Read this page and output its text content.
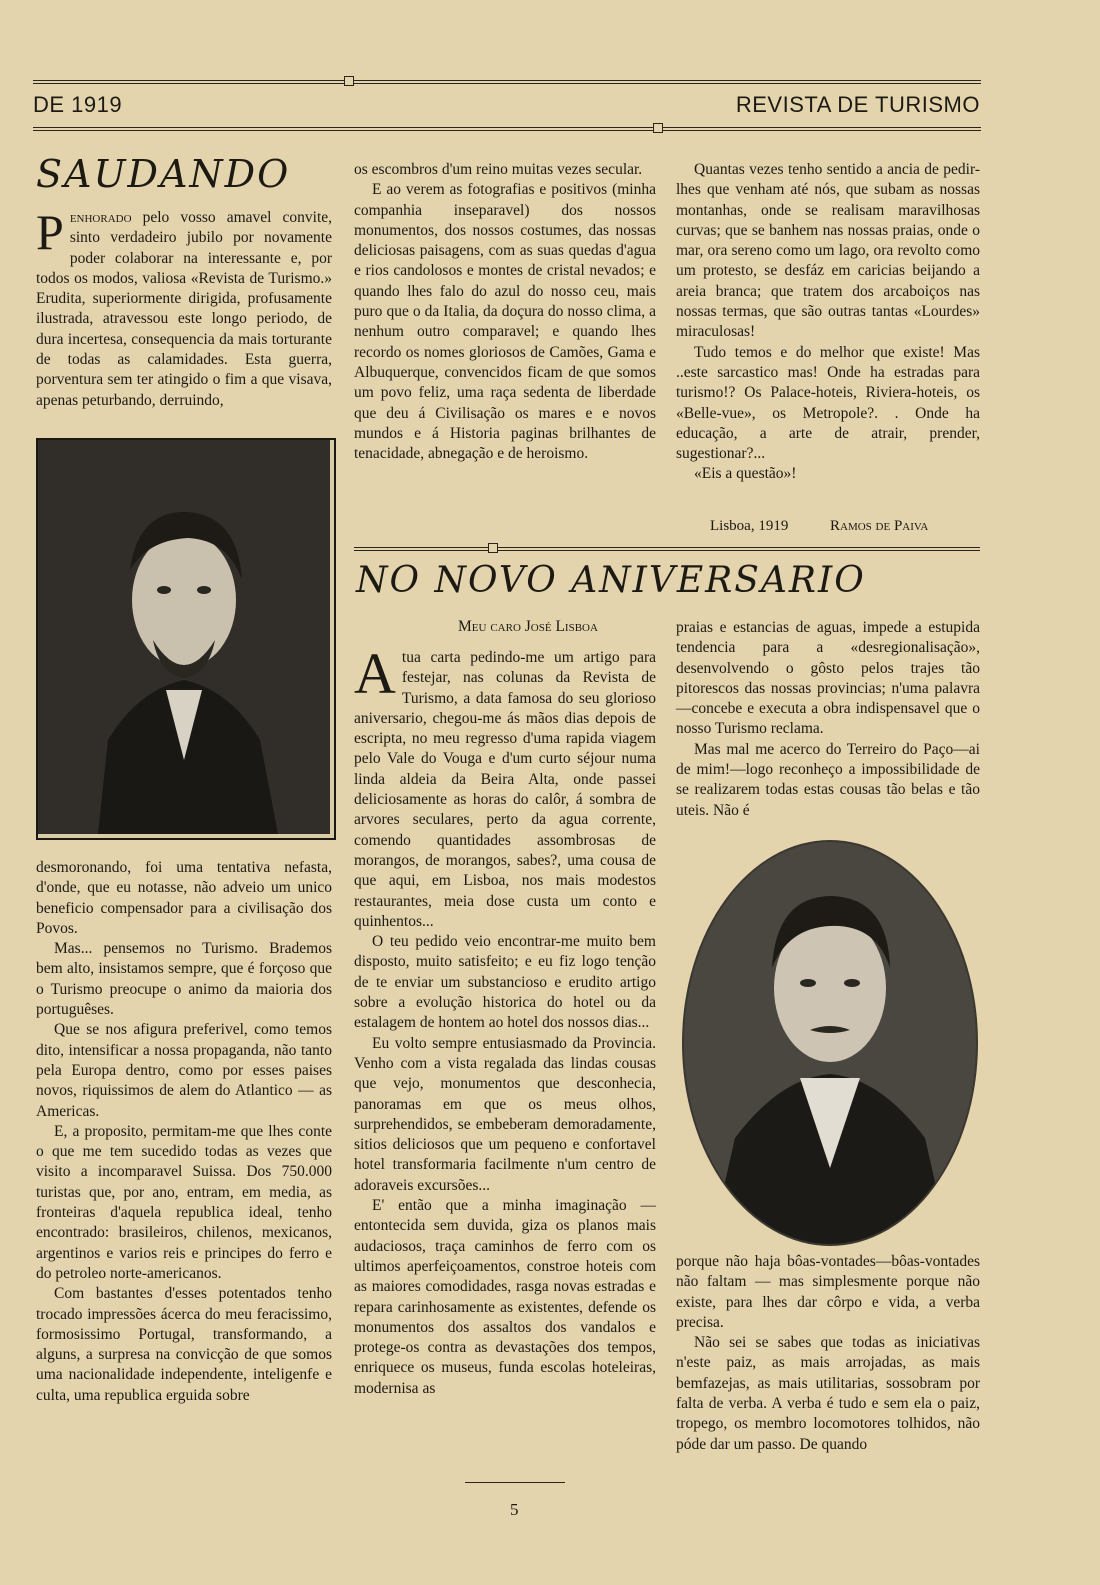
DE 1919	REVISTA DE TURISMO
SAUDANDO

Penhorado pelo vosso amavel convite, sinto verdadeiro jubilo por novamente poder colaborar na interessante e, por todos os modos, valiosa «Revista de Turismo.» Erudita, superiormente dirigida, profusamente ilustrada, atravessou este longo periodo, de dura incertesa, consequencia da mais torturante de todas as calamidades. Esta guerra, porventura sem ter atingido o fim a que visava, apenas peturbando, derruindo,

desmoronando, foi uma tentativa nefasta, d'onde, que eu notasse, não adveio um unico beneficio compensador para a civilisação dos Povos.

Mas... pensemos no Turismo. Brademos bem alto, insistamos sempre, que é forçoso que o Turismo preocupe o animo da maioria dos portuguêses.

Que se nos afigura preferivel, como temos dito, intensificar a nossa propaganda, não tanto pela Europa dentro, como por esses paises novos, riquissimos de alem do Atlantico — as Americas.

E, a proposito, permitam-me que lhes conte o que me tem sucedido todas as vezes que visito a incomparavel Suissa. Dos 750.000 turistas que, por ano, entram, em media, as fronteiras d'aquela republica ideal, tenho encontrado: brasileiros, chilenos, mexicanos, argentinos e varios reis e principes do ferro e do petroleo norte-americanos.

Com bastantes d'esses potentados tenho trocado impressões ácerca do meu feracissimo, formosissimo Portugal, transformando, a alguns, a surpresa na convicção de que somos uma nacionalidade independente, inteligenfe e culta, uma republica erguida sobre

os escombros d'um reino muitas vezes secular.

E ao verem as fotografias e positivos (minha companhia inseparavel) dos nossos monumentos, dos nossos costumes, das nossas deliciosas paisagens, com as suas quedas d'agua e rios candolosos e montes de cristal nevados; e quando lhes falo do azul do nosso ceu, mais puro que o da Italia, da doçura do nosso clima, a nenhum outro comparavel; e quando lhes recordo os nomes gloriosos de Camões, Gama e Albuquerque, convencidos ficam de que somos um povo feliz, uma raça sedenta de liberdade que deu á Civilisação os mares e e novos mundos e á Historia paginas brilhantes de tenacidade, abnegação e de heroismo.

Quantas vezes tenho sentido a ancia de pedir-lhes que venham até nós, que subam as nossas montanhas, onde se realisam maravilhosas curvas; que se banhem nas nossas praias, onde o mar, ora sereno como um lago, ora revolto como um protesto, se desfáz em caricias beijando a areia branca; que tratem dos arcaboiços nas nossas termas, que são outras tantas «Lourdes» miraculosas!

Tudo temos e do melhor que existe! Mas ..este sarcastico mas! Onde ha estradas para turismo!? Os Palace-hoteis, Riviera-hoteis, os «Belle-vue», os Metropole?. . Onde ha educação, a arte de atrair, prender, sugestionar?...

«Eis a questão»!

Lisboa, 1919	Ramos de Paiva
NO NOVO ANIVERSARIO
Meu caro José Lisboa

Atua carta pedindo-me um artigo para festejar, nas colunas da Revista de Turismo, a data famosa do seu glorioso aniversario, chegou-me ás mãos dias depois de escripta, no meu regresso d'uma rapida viagem pelo Vale do Vouga e d'um curto séjour numa linda aldeia da Beira Alta, onde passei deliciosamente as horas do calôr, á sombra de arvores seculares, perto da agua corrente, comendo quantidades assombrosas de morangos, de morangos, sabes?, uma cousa de que aqui, em Lisboa, nos mais modestos restaurantes, meia dose custa um conto e quinhentos...

O teu pedido veio encontrar-me muito bem disposto, muito satisfeito; e eu fiz logo tenção de te enviar um substancioso e erudito artigo sobre a evolução historica do hotel ou da estalagem de hontem ao hotel dos nossos dias...

Eu volto sempre entusiasmado da Provincia. Venho com a vista regalada das lindas cousas que vejo, monumentos que desconhecia, panoramas em que os meus olhos, surprehendidos, se embeberam demoradamente, sitios deliciosos que um pequeno e confortavel hotel transformaria facilmente n'um centro de adoraveis excursões...

E' então que a minha imaginação —entontecida sem duvida, giza os planos mais audaciosos, traça caminhos de ferro com os ultimos aperfeiçoamentos, constroe hoteis com as maiores comodidades, rasga novas estradas e repara carinhosamente as existentes, defende os monumentos dos assaltos dos vandalos e protege-os contra as devastações dos tempos, enriquece os museus, funda escolas hoteleiras, modernisa as

praias e estancias de aguas, impede a estupida tendencia para a «desregionalisação», desenvolvendo o gôsto pelos trajes tão pitorescos das nossas provincias; n'uma palavra—concebe e executa a obra indispensavel que o nosso Turismo reclama.

Mas mal me acerco do Terreiro do Paço—ai de mim!—logo reconheço a impossibilidade de se realizarem todas estas cousas tão belas e tão uteis. Não é

porque não haja bôas-vontades—bôas-vontades não faltam — mas simplesmente porque não existe, para lhes dar côrpo e vida, a verba precisa.

Não sei se sabes que todas as iniciativas n'este paiz, as mais arrojadas, as mais bemfazejas, as mais utilitarias, sossobram por falta de verba. A verba é tudo e sem ela o paiz, tropego, os membro locomotores tolhidos, não póde dar um passo. De quando

5
